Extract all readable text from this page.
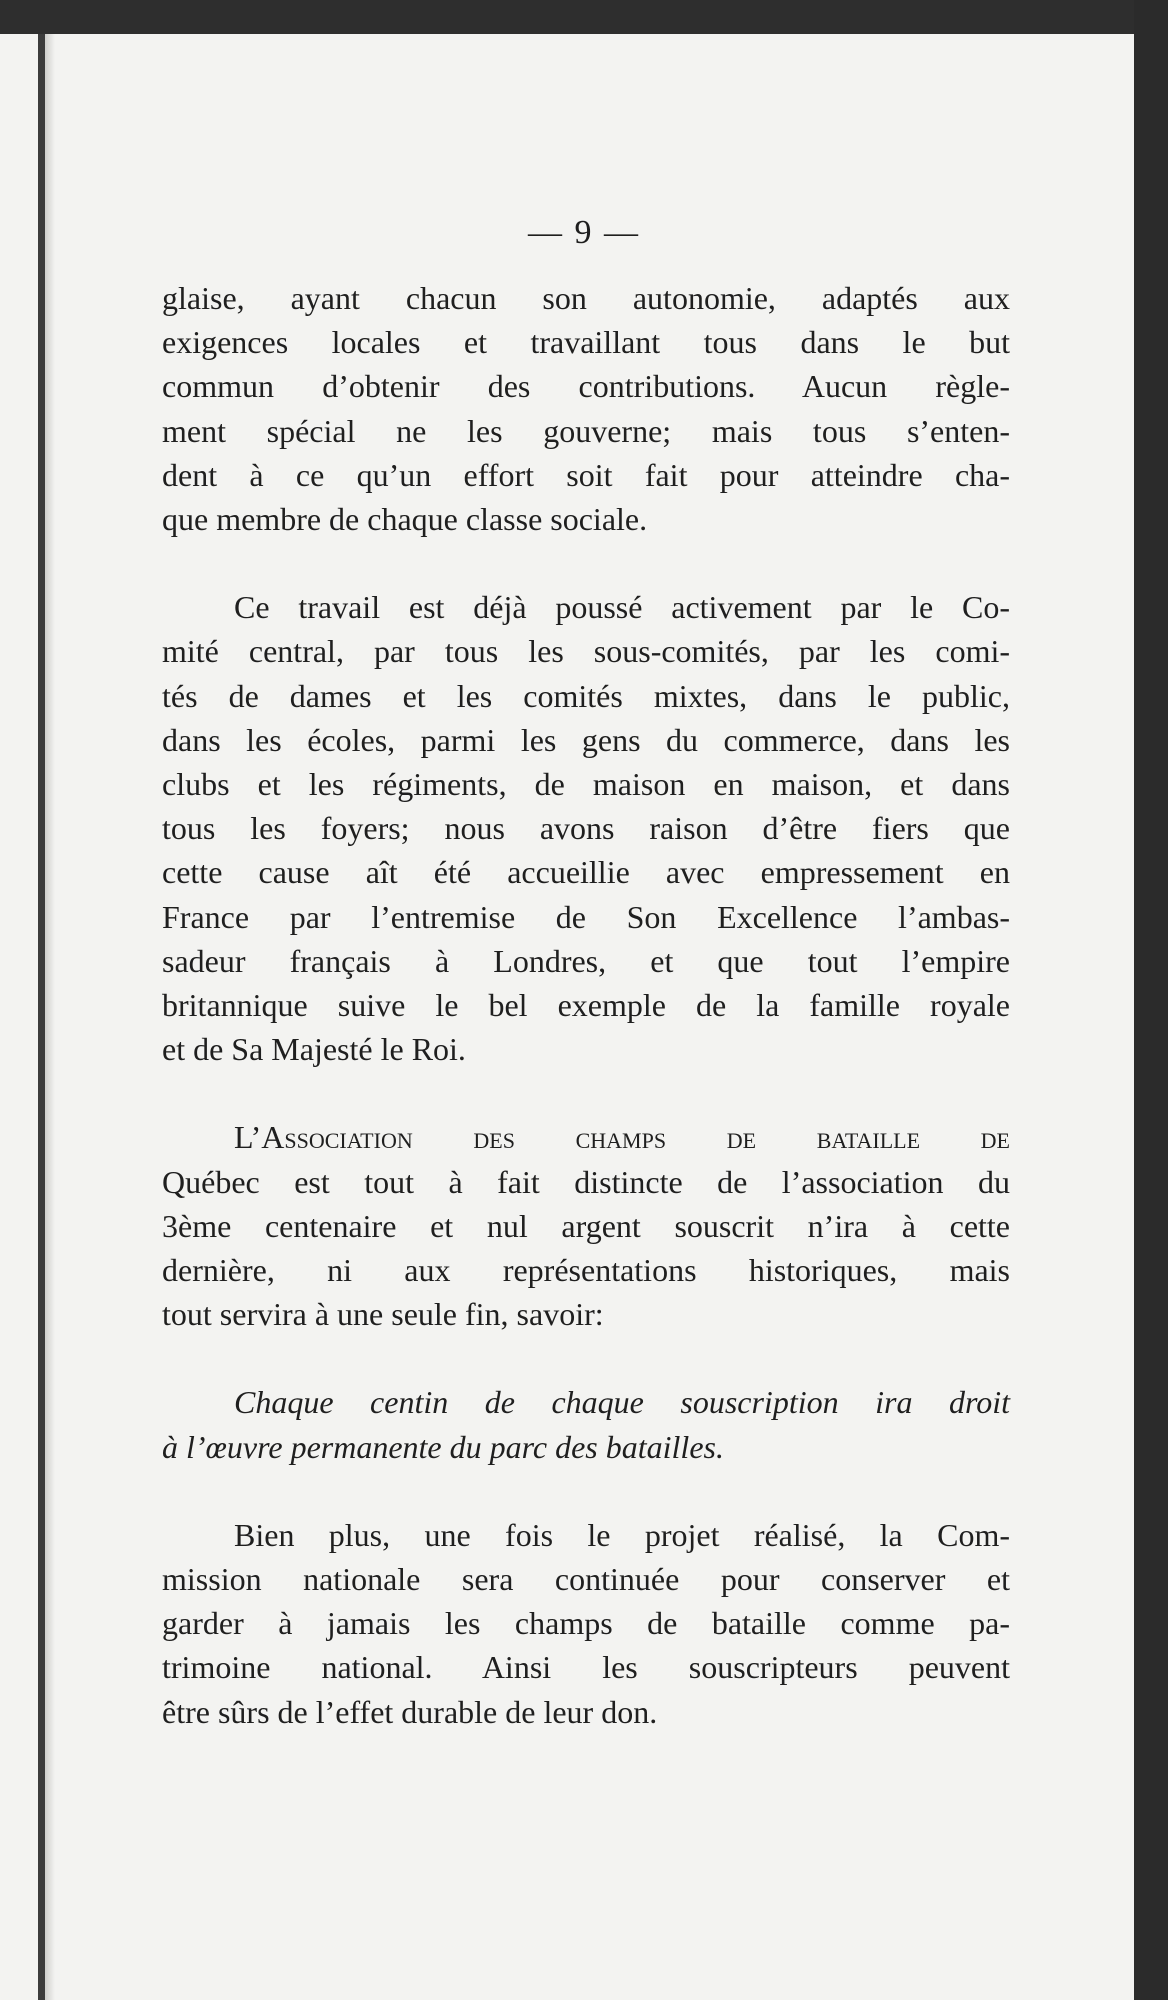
— 9 —
glaise, ayant chacun son autonomie, adaptés aux
exigences locales et travaillant tous dans le but
commun d’obtenir des contributions. Aucun règle-
ment spécial ne les gouverne; mais tous s’enten-
dent à ce qu’un effort soit fait pour atteindre cha-
que membre de chaque classe sociale.
Ce travail est déjà poussé activement par le Co-
mité central, par tous les sous-comités, par les comi-
tés de dames et les comités mixtes, dans le public,
dans les écoles, parmi les gens du commerce, dans les
clubs et les régiments, de maison en maison, et dans
tous les foyers; nous avons raison d’être fiers que
cette cause aît été accueillie avec empressement en
France par l’entremise de Son Excellence l’ambas-
sadeur français à Londres, et que tout l’empire
britannique suive le bel exemple de la famille royale
et de Sa Majesté le Roi.
L’Association des champs de bataille de
Québec est tout à fait distincte de l’association du
3ème centenaire et nul argent souscrit n’ira à cette
dernière, ni aux représentations historiques, mais
tout servira à une seule fin, savoir:
Chaque centin de chaque souscription ira droit
à l’œuvre permanente du parc des batailles.
Bien plus, une fois le projet réalisé, la Com-
mission nationale sera continuée pour conserver et
garder à jamais les champs de bataille comme pa-
trimoine national. Ainsi les souscripteurs peuvent
être sûrs de l’effet durable de leur don.
